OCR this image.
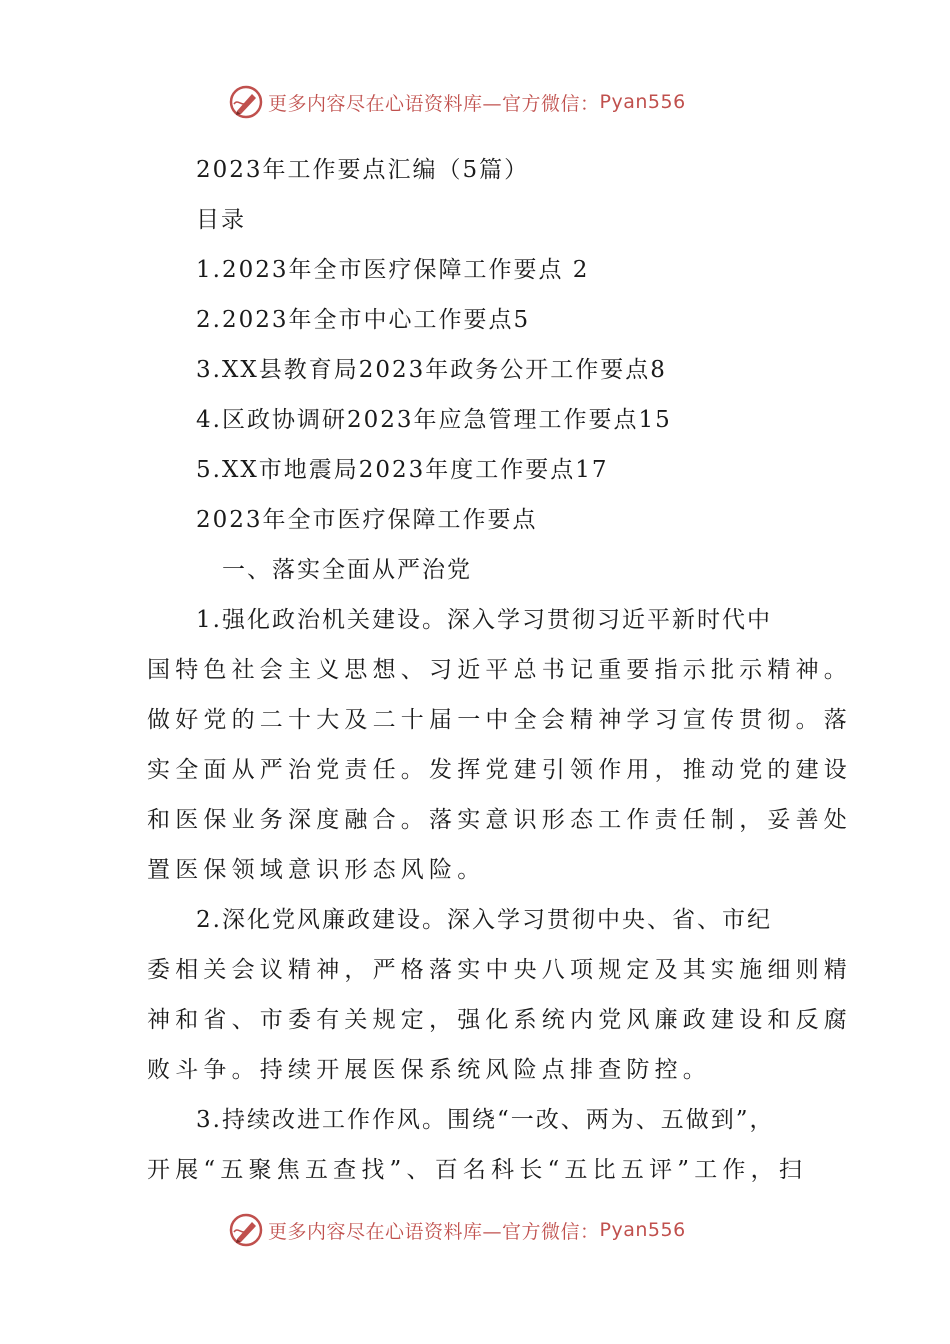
更多内容尽在心语资料库—官方微信： Pyan556
2023年工作要点汇编（5篇）
目录
1.2023年全市医疗保障工作要点 2
2.2023年全市中心工作要点5
3.XX县教育局2023年政务公开工作要点8
4.区政协调研2023年应急管理工作要点15
5.XX市地震局2023年度工作要点17
2023年全市医疗保障工作要点
一、落实全面从严治党
1.强化政治机关建设。深入学习贯彻习近平新时代中
国特色社会主义思想、习近平总书记重要指示批示精神。
做好党的二十大及二十届一中全会精神学习宣传贯彻。落
实全面从严治党责任。发挥党建引领作用，推动党的建设
和医保业务深度融合。落实意识形态工作责任制，妥善处
置医保领域意识形态风险。
2.深化党风廉政建设。深入学习贯彻中央、省、市纪
委相关会议精神，严格落实中央八项规定及其实施细则精
神和省、市委有关规定，强化系统内党风廉政建设和反腐
败斗争。持续开展医保系统风险点排查防控。
3.持续改进工作作风。围绕“一改、两为、五做到”，
开展“五聚焦五查找”、百名科长“五比五评”工作，扫
更多内容尽在心语资料库—官方微信： Pyan556
